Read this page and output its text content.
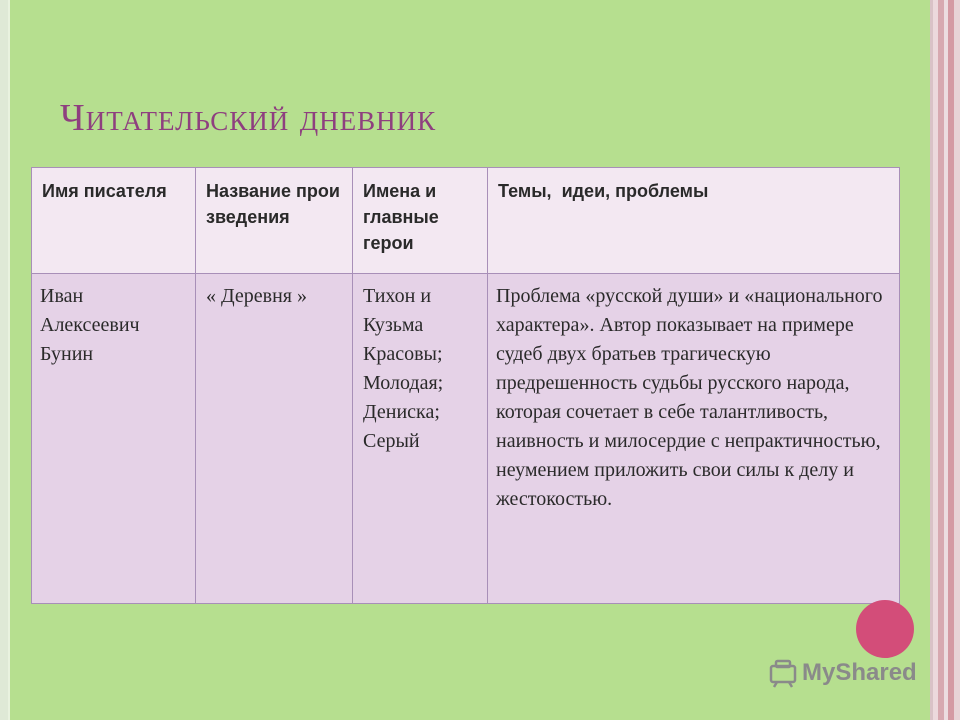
Читательский дневник
Имя писателя	Название произведения	Имена и главные герои	Темы,  идеи, проблемы
Иван Алексеевич Бунин	« Деревня »	Тихон и Кузьма Красовы; Молодая; Дениска; Серый	Проблема «русской души» и «национального характера». Автор показывает на примере судеб двух братьев трагическую предрешенность судьбы русского народа, которая сочетает в себе талантливость, наивность и милосердие с непрактичностью, неумением приложить свои силы к делу и жестокостью.
MyShared
